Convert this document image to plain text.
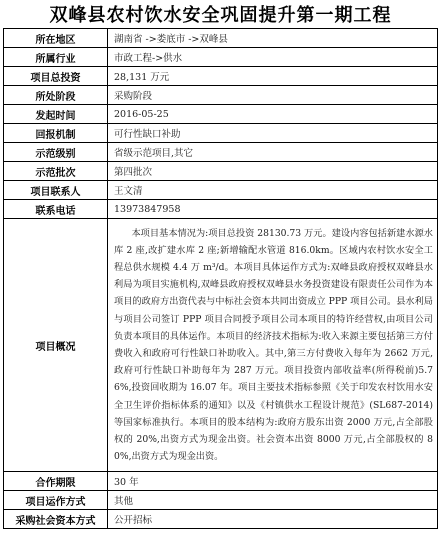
双峰县农村饮水安全巩固提升第一期工程
所在地区	湖南省 ->娄底市 ->双峰县
所属行业	市政工程->供水
项目总投资	28,131 万元
所处阶段	采购阶段
发起时间	2016-05-25
回报机制	可行性缺口补助
示范级别	省级示范项目,其它
示范批次	第四批次
项目联系人	王文清
联系电话	13973847958
项目概况	本项目基本情况为:项目总投资 28130.73 万元。建设内容包括新建水源水库 2 座,改扩建水库 2 座;新增输配水管道 816.0km。区域内农村饮水安全工程总供水规模 4.4 万 m³/d。本项目具体运作方式为:双峰县政府授权双峰县水利局为项目实施机构,双峰县政府授权双峰县水务投资建设有限责任公司作为本项目的政府方出资代表与中标社会资本共同出资成立 PPP 项目公司。县水利局与项目公司签订 PPP 项目合同授予项目公司本项目的特许经营权,由项目公司负责本项目的具体运作。本项目的经济技术指标为:收入来源主要包括第三方付费收入和政府可行性缺口补助收入。其中,第三方付费收入每年为 2662 万元,政府可行性缺口补助每年为 287 万元。项目投资内部收益率(所得税前)5.76%,投资回收期为 16.07 年。项目主要技术指标参照《关于印发农村饮用水安全卫生评价指标体系的通知》以及《村镇供水工程设计规范》(SL687-2014)等国家标准执行。本项目的股本结构为:政府方股东出资 2000 万元,占全部股权的 20%,出资方式为现金出资。社会资本出资 8000 万元,占全部股权的 80%,出资方式为现金出资。
合作期限	30 年
项目运作方式	其他
采购社会资本方式	公开招标
